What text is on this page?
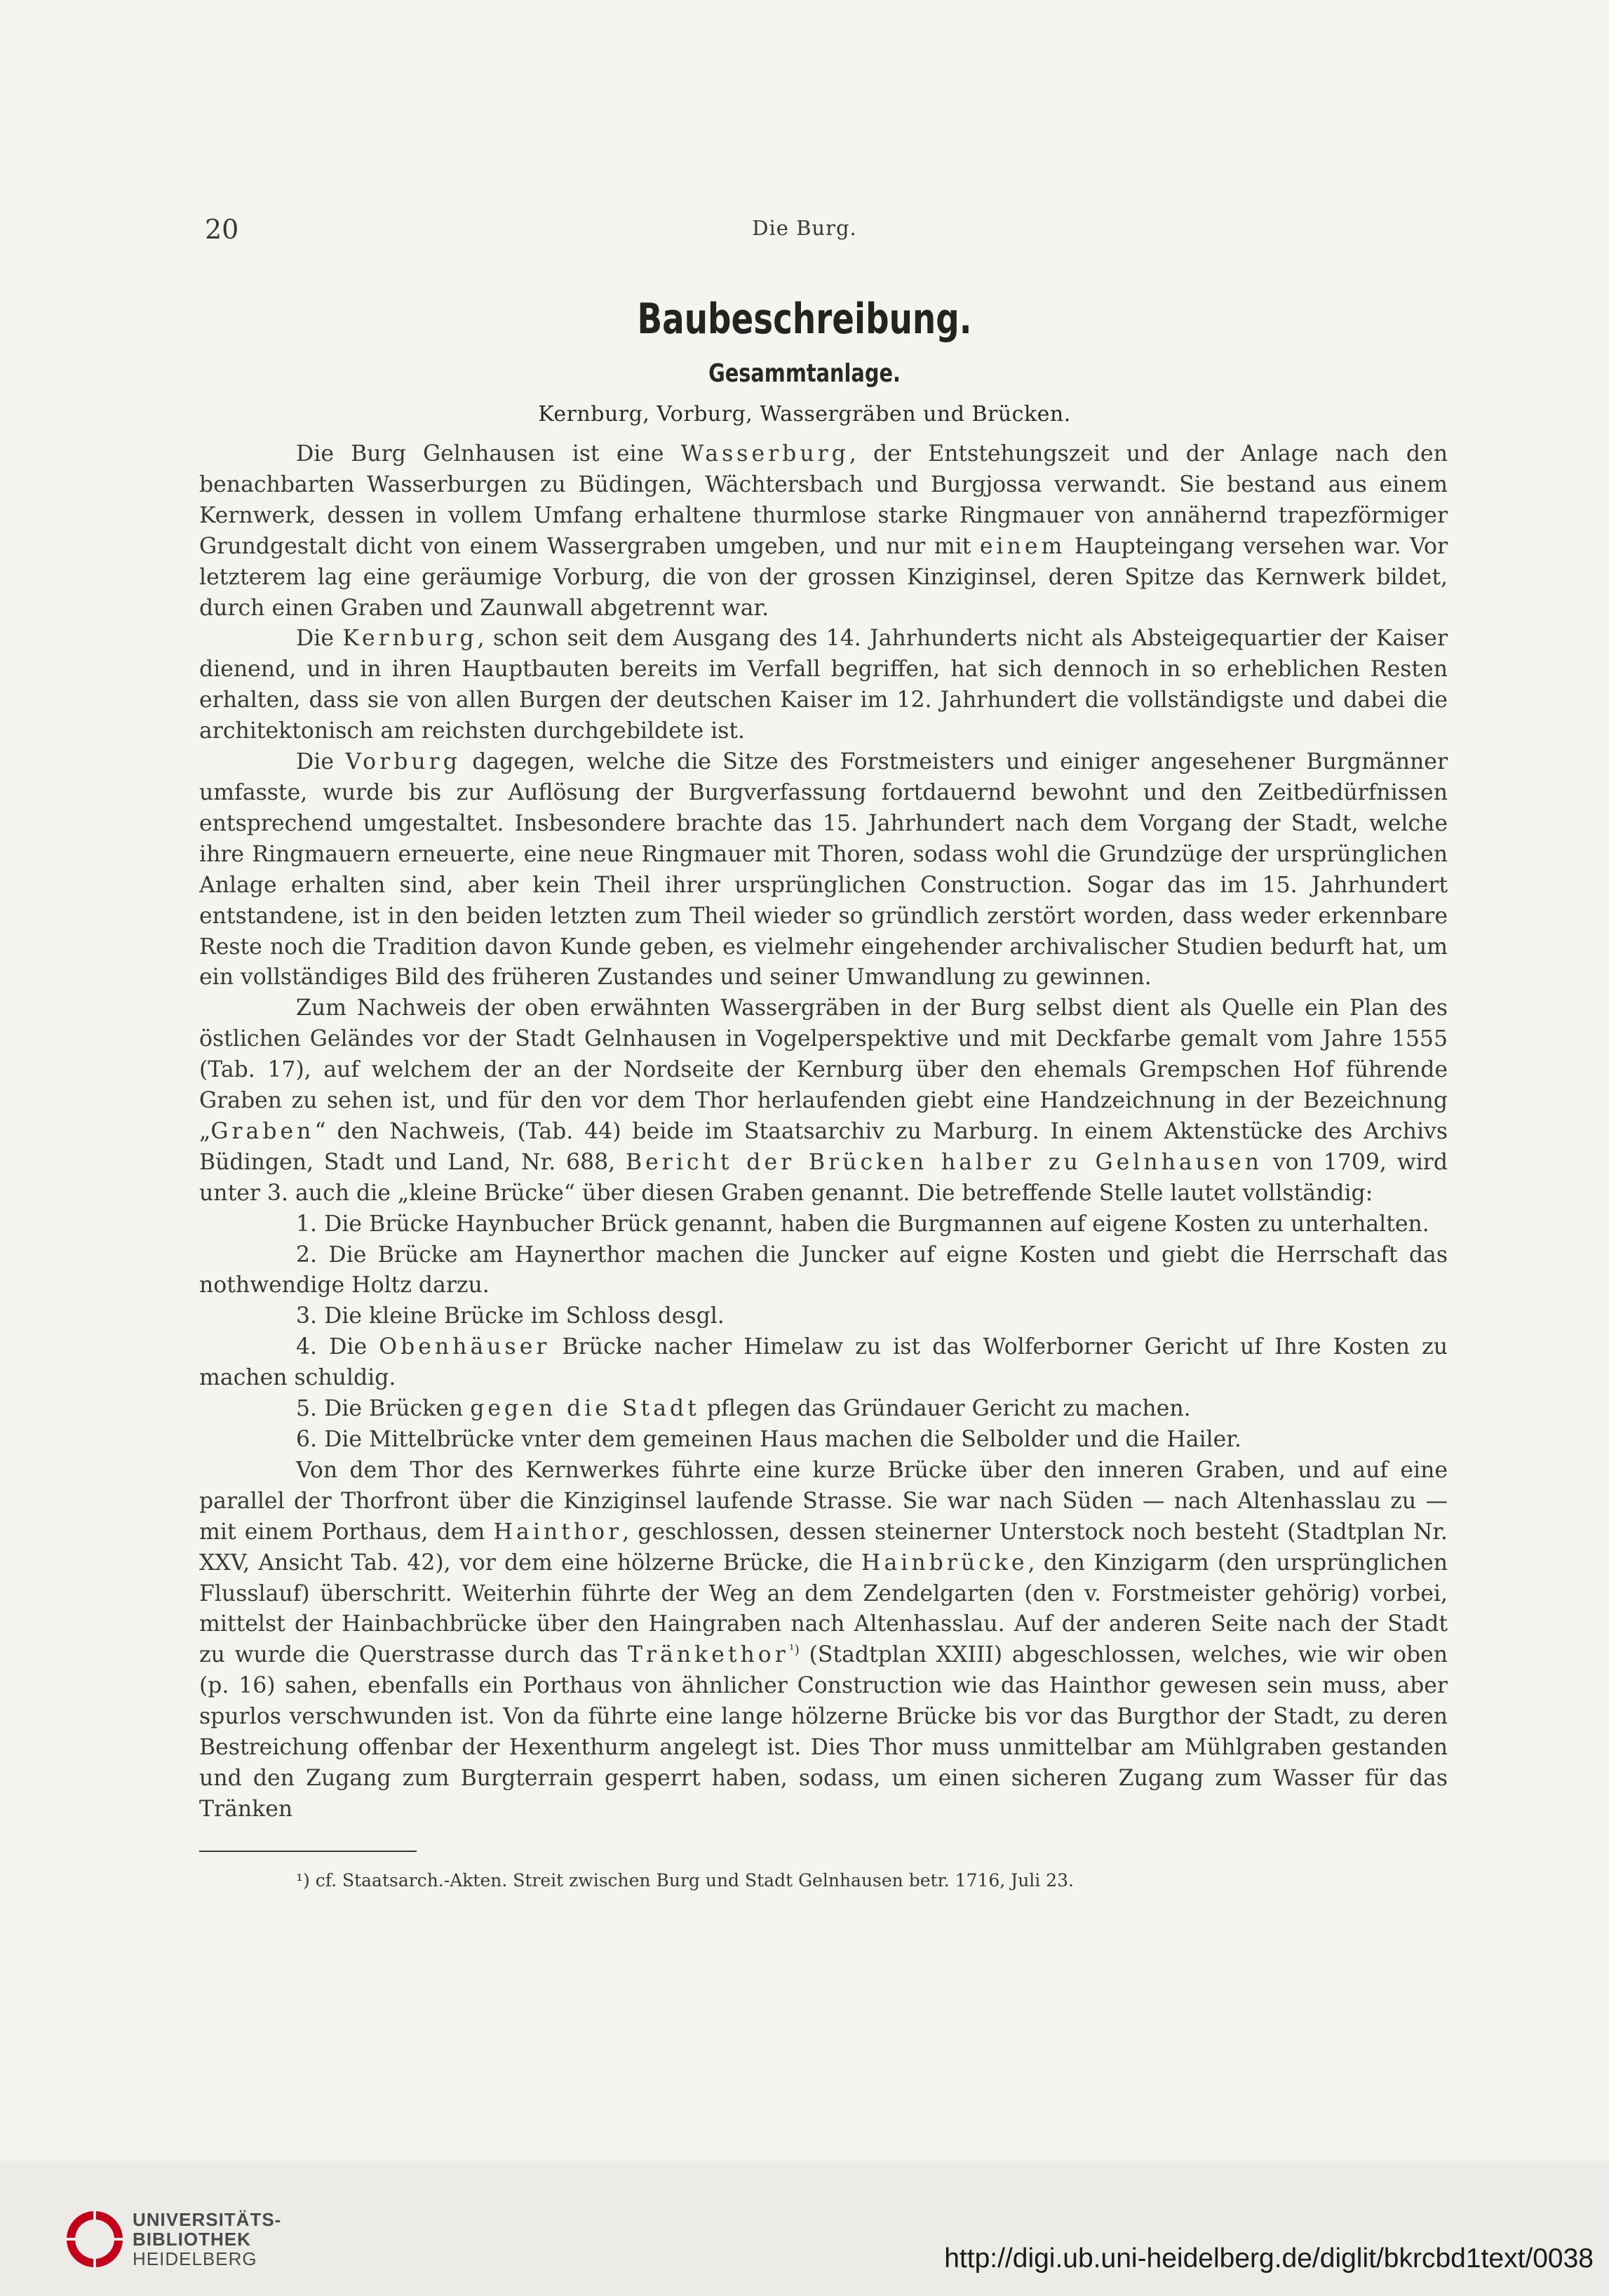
20	Die Burg.
Baubeschreibung.
Gesammtanlage.
Kernburg, Vorburg, Wassergräben und Brücken.

Die Burg Gelnhausen ist eine Wasserburg, der Entstehungszeit und der Anlage nach den benachbarten Wasserburgen zu Büdingen, Wächtersbach und Burgjossa verwandt. Sie bestand aus einem Kernwerk, dessen in vollem Umfang erhaltene thurmlose starke Ringmauer von annähernd trapezförmiger Grundgestalt dicht von einem Wassergraben umgeben, und nur mit einem Haupteingang versehen war. Vor letzterem lag eine geräumige Vorburg, die von der grossen Kinziginsel, deren Spitze das Kernwerk bildet, durch einen Graben und Zaunwall abgetrennt war.

Die Kernburg, schon seit dem Ausgang des 14. Jahrhunderts nicht als Absteigequartier der Kaiser dienend, und in ihren Hauptbauten bereits im Verfall begriffen, hat sich dennoch in so erheblichen Resten erhalten, dass sie von allen Burgen der deutschen Kaiser im 12. Jahrhundert die vollständigste und dabei die architektonisch am reichsten durchgebildete ist.

Die Vorburg dagegen, welche die Sitze des Forstmeisters und einiger angesehener Burgmänner umfasste, wurde bis zur Auflösung der Burgverfassung fortdauernd bewohnt und den Zeitbedürfnissen entsprechend umgestaltet. Insbesondere brachte das 15. Jahrhundert nach dem Vorgang der Stadt, welche ihre Ringmauern erneuerte, eine neue Ringmauer mit Thoren, sodass wohl die Grundzüge der ursprünglichen Anlage erhalten sind, aber kein Theil ihrer ursprünglichen Construction. Sogar das im 15. Jahrhundert entstandene, ist in den beiden letzten zum Theil wieder so gründlich zerstört worden, dass weder erkennbare Reste noch die Tradition davon Kunde geben, es vielmehr eingehender archivalischer Studien bedurft hat, um ein vollständiges Bild des früheren Zustandes und seiner Umwandlung zu gewinnen.

Zum Nachweis der oben erwähnten Wassergräben in der Burg selbst dient als Quelle ein Plan des östlichen Geländes vor der Stadt Gelnhausen in Vogelperspektive und mit Deckfarbe gemalt vom Jahre 1555 (Tab. 17), auf welchem der an der Nordseite der Kernburg über den ehemals Grempschen Hof führende Graben zu sehen ist, und für den vor dem Thor herlaufenden giebt eine Handzeichnung in der Bezeichnung „Graben“ den Nachweis, (Tab. 44) beide im Staatsarchiv zu Marburg. In einem Aktenstücke des Archivs Büdingen, Stadt und Land, Nr. 688, Bericht der Brücken halber zu Gelnhausen von 1709, wird unter 3. auch die „kleine Brücke“ über diesen Graben genannt. Die betreffende Stelle lautet vollständig:

1. Die Brücke Haynbucher Brück genannt, haben die Burgmannen auf eigene Kosten zu unterhalten.

2. Die Brücke am Haynerthor machen die Juncker auf eigne Kosten und giebt die Herrschaft das nothwendige Holtz darzu.

3. Die kleine Brücke im Schloss desgl.

4. Die Obenhäuser Brücke nacher Himelaw zu ist das Wolferborner Gericht uf Ihre Kosten zu machen schuldig.

5. Die Brücken gegen die Stadt pflegen das Gründauer Gericht zu machen.

6. Die Mittelbrücke vnter dem gemeinen Haus machen die Selbolder und die Hailer.

Von dem Thor des Kernwerkes führte eine kurze Brücke über den inneren Graben, und auf eine parallel der Thorfront über die Kinziginsel laufende Strasse. Sie war nach Süden — nach Altenhasslau zu — mit einem Porthaus, dem Hainthor, geschlossen, dessen steinerner Unterstock noch besteht (Stadtplan Nr. XXV, Ansicht Tab. 42), vor dem eine hölzerne Brücke, die Hainbrücke, den Kinzigarm (den ursprünglichen Flusslauf) überschritt. Weiterhin führte der Weg an dem Zendelgarten (den v. Forstmeister gehörig) vorbei, mittelst der Hainbachbrücke über den Haingraben nach Altenhasslau. Auf der anderen Seite nach der Stadt zu wurde die Querstrasse durch das Tränkethor$^{^1)}$ (Stadtplan XXIII) abgeschlossen, welches, wie wir oben (p. 16) sahen, ebenfalls ein Porthaus von ähnlicher Construction wie das Hainthor gewesen sein muss, aber spurlos verschwunden ist. Von da führte eine lange hölzerne Brücke bis vor das Burgthor der Stadt, zu deren Bestreichung offenbar der Hexenthurm angelegt ist. Dies Thor muss unmittelbar am Mühlgraben gestanden und den Zugang zum Burgterrain gesperrt haben, sodass, um einen sicheren Zugang zum Wasser für das Tränken

¹) cf. Staatsarch.-Akten. Streit zwischen Burg und Stadt Gelnhausen betr. 1716, Juli 23.
UNIVERSITÄTS-
BIBLIOTHEK
HEIDELBERG	http://digi.ub.uni-heidelberg.de/diglit/bkrcbd1text/0038
